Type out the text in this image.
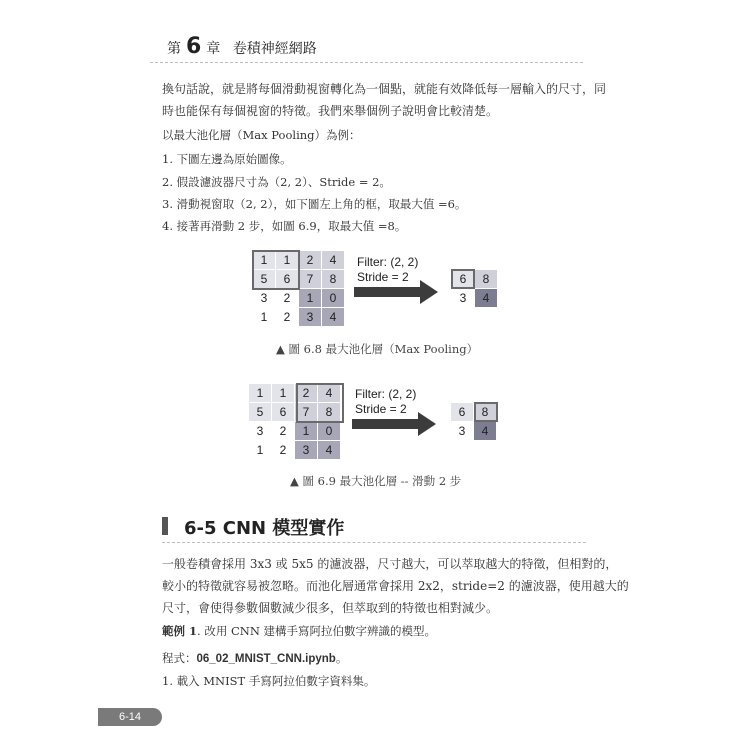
第 6 章 卷積神經網路
換句話說，就是將每個滑動視窗轉化為一個點，就能有效降低每一層輸入的尺寸，同
時也能保有每個視窗的特徵。我們來舉個例子說明會比較清楚。
以最大池化層（Max Pooling）為例：
1. 下圖左邊為原始圖像。
2. 假設濾波器尺寸為（2, 2）、Stride = 2。
3. 滑動視窗取（2, 2），如下圖左上角的框，取最大值 =6。
4. 接著再滑動 2 步，如圖 6.9，取最大值 =8。
1	1	2	4
5	6	7	8
3	2	1	0
1	2	3	4
Filter: (2, 2)
Stride = 2	6	8
3	4
▲ 圖 6.8 最大池化層（Max Pooling）
1	1	2	4
5	6	7	8
3	2	1	0
1	2	3	4
Filter: (2, 2)
Stride = 2	6	8
3	4
▲ 圖 6.9 最大池化層 -- 滑動 2 步
6-5 CNN 模型實作
一般卷積會採用 3x3 或 5x5 的濾波器，尺寸越大，可以萃取越大的特徵，但相對的，
較小的特徵就容易被忽略。而池化層通常會採用 2x2，stride=2 的濾波器，使用越大的
尺寸，會使得參數個數減少很多，但萃取到的特徵也相對減少。
範例 1. 改用 CNN 建構手寫阿拉伯數字辨識的模型。
程式：06_02_MNIST_CNN.ipynb。
1. 載入 MNIST 手寫阿拉伯數字資料集。
6-14
